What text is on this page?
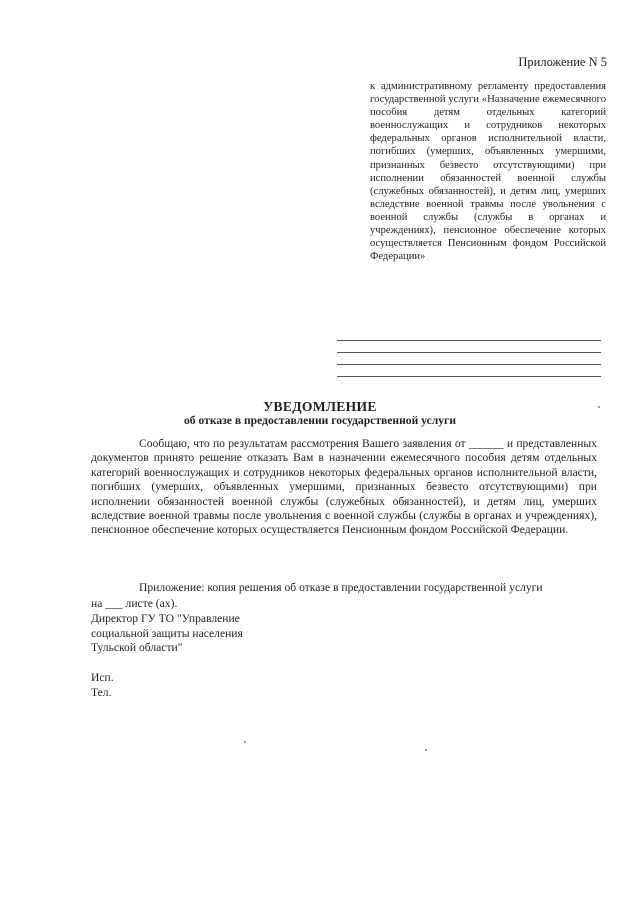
Приложение N 5
к административному регламенту предоставления государственной услуги «Назначение ежемесячного пособия детям отдельных категорий военнослужащих и сотрудников некоторых федеральных органов исполнительной власти, погибших (умерших, объявленных умершими, признанных безвесто отсутствующими) при исполнении обязанностей военной службы (служебных обязанностей), и детям лиц, умерших вследствие военной травмы после увольнения с военной службы (службы в органах и учреждениях), пенсионное обеспечение которых осуществляется Пенсионным фондом Российской Федерации»
УВЕДОМЛЕНИЕ
об отказе в предоставлении государственной услуги

Сообщаю, что по результатам рассмотрения Вашего заявления от ______ и представленных документов принято решение отказать Вам в назначении ежемесячного пособия детям отдельных категорий военнослужащих и сотрудников некоторых федеральных органов исполнительной власти, погибших (умерших, объявленных умершими, признанных безвесто отсутствующими) при исполнении обязанностей военной службы (служебных обязанностей), и детям лиц, умерших вследствие военной травмы после увольнения с военной службы (службы в органах и учреждениях), пенсионное обеспечение которых осуществляется Пенсионным фондом Российской Федерации.

Приложение: копия решения об отказе в предоставлении государственной услуги

на ___ листе (ах).

Директор ГУ ТО "Управление
социальной защиты населения
Тульской области"
Исп.
Тел.
